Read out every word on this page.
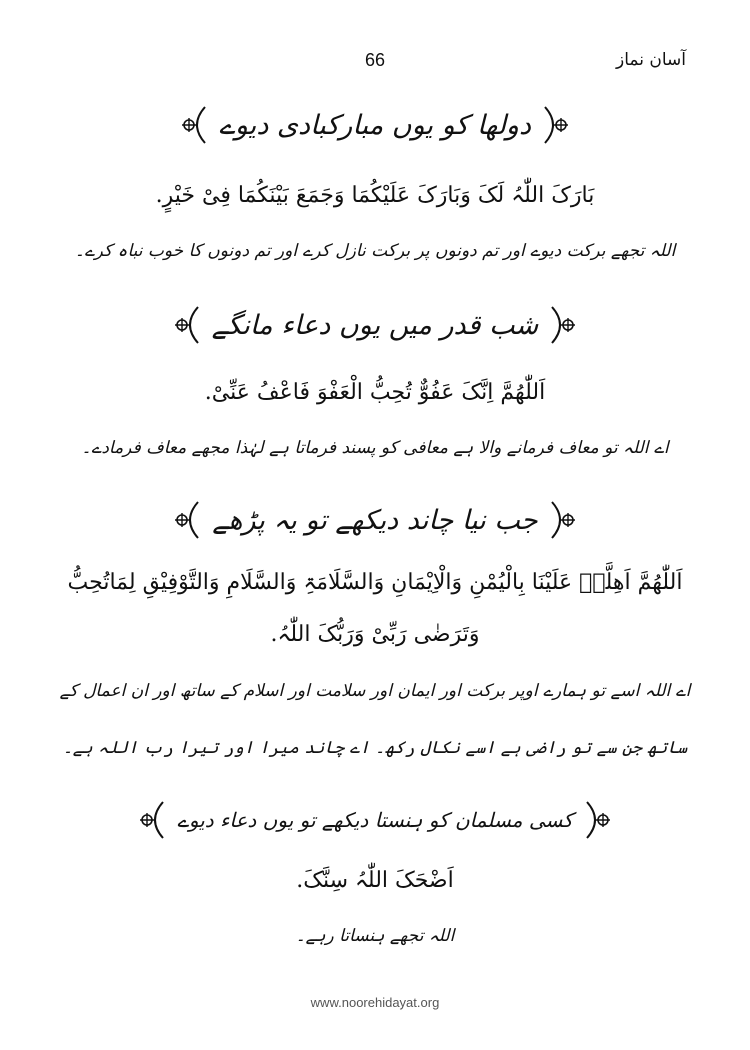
آسان نماز
66
دولھا کو یوں مبارکبادی دیوے
بَارَکَ اللّٰہُ لَکَ وَبَارَکَ عَلَیْکُمَا وَجَمَعَ بَیْنَکُمَا فِیْ خَیْرٍ.
اللہ تجھے برکت دیوے اور تم دونوں پر برکت نازل کرے اور تم دونوں کا خوب نباہ کرے۔
شب قدر میں یوں دعاء مانگے
اَللّٰھُمَّ اِنَّکَ عَفُوٌّ تُحِبُّ الْعَفْوَ فَاعْفُ عَنِّیْ.
اے اللہ تو معاف فرمانے والا ہے معافی کو پسند فرماتا ہے لہٰذا مجھے معاف فرمادے۔
جب نیا چاند دیکھے تو یہ پڑھے
اَللّٰھُمَّ اَھِلَّہٗ عَلَیْنَا بِالْیُمْنِ وَالْاِیْمَانِ وَالسَّلَامَۃِ وَالسَّلَامِ وَالتَّوْفِیْقِ لِمَاتُحِبُّ
وَتَرَضٰی رَبِّیْ وَرَبُّکَ اللّٰہُ.
اے اللہ اسے تو ہمارے اوپر برکت اور ایمان اور سلامت اور اسلام کے ساتھ اور ان اعمال کے
ساتھ جن سے تو راضی ہے اسے نکال رکھ۔ اے چاند میرا اور تیرا رب اللہ ہے۔
کسی مسلمان کو ہنستا دیکھے تو یوں دعاء دیوے
اَضْحَکَ اللّٰہُ سِنَّکَ.
اللہ تجھے ہنساتا رہے۔
www.noorehidayat.org
